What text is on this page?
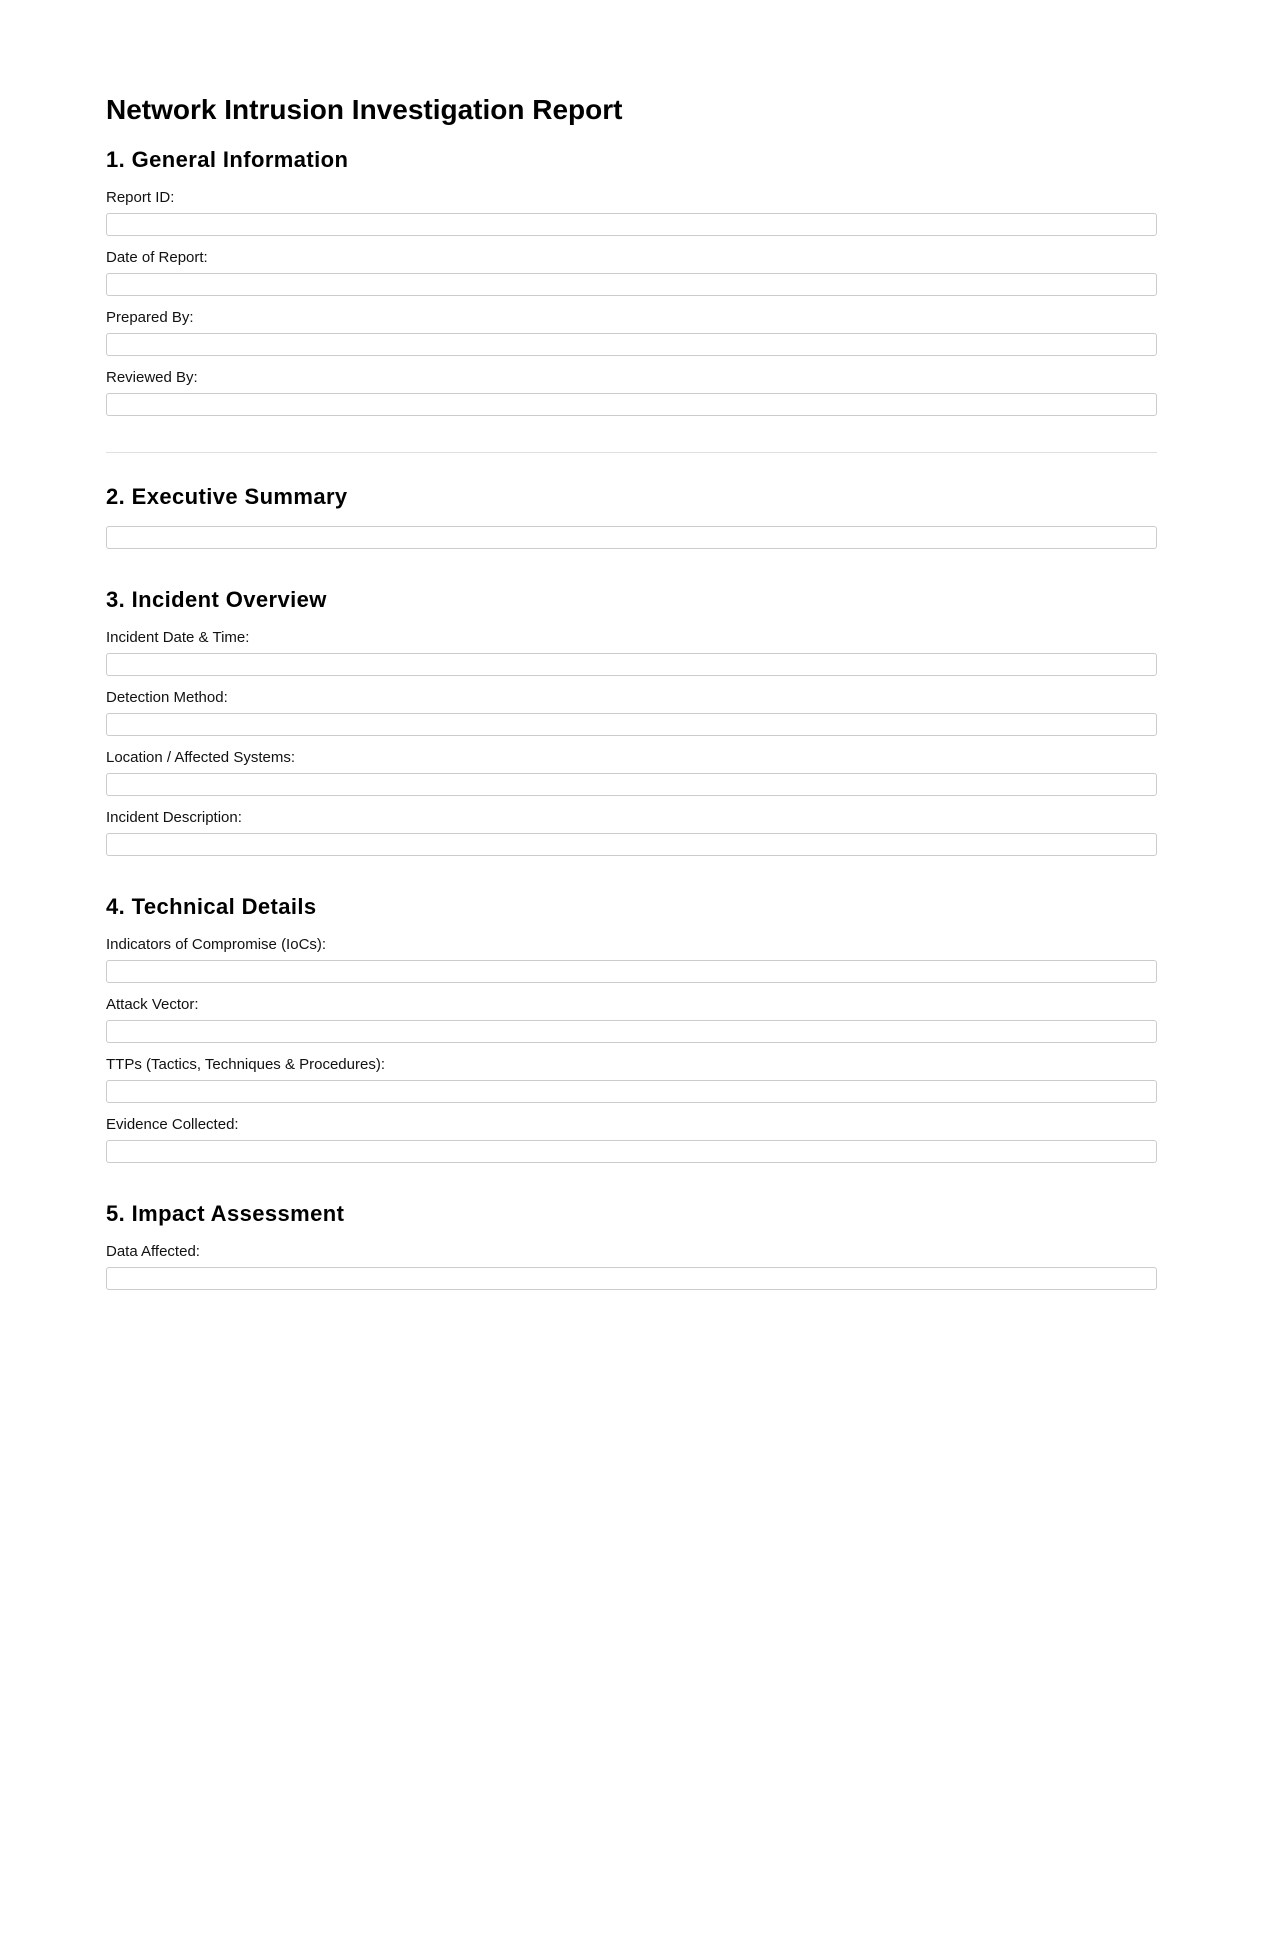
Network Intrusion Investigation Report
1. General Information
Report ID:
Date of Report:
Prepared By:
Reviewed By:
2. Executive Summary
3. Incident Overview
Incident Date & Time:
Detection Method:
Location / Affected Systems:
Incident Description:
4. Technical Details
Indicators of Compromise (IoCs):
Attack Vector:
TTPs (Tactics, Techniques & Procedures):
Evidence Collected:
5. Impact Assessment
Data Affected:
